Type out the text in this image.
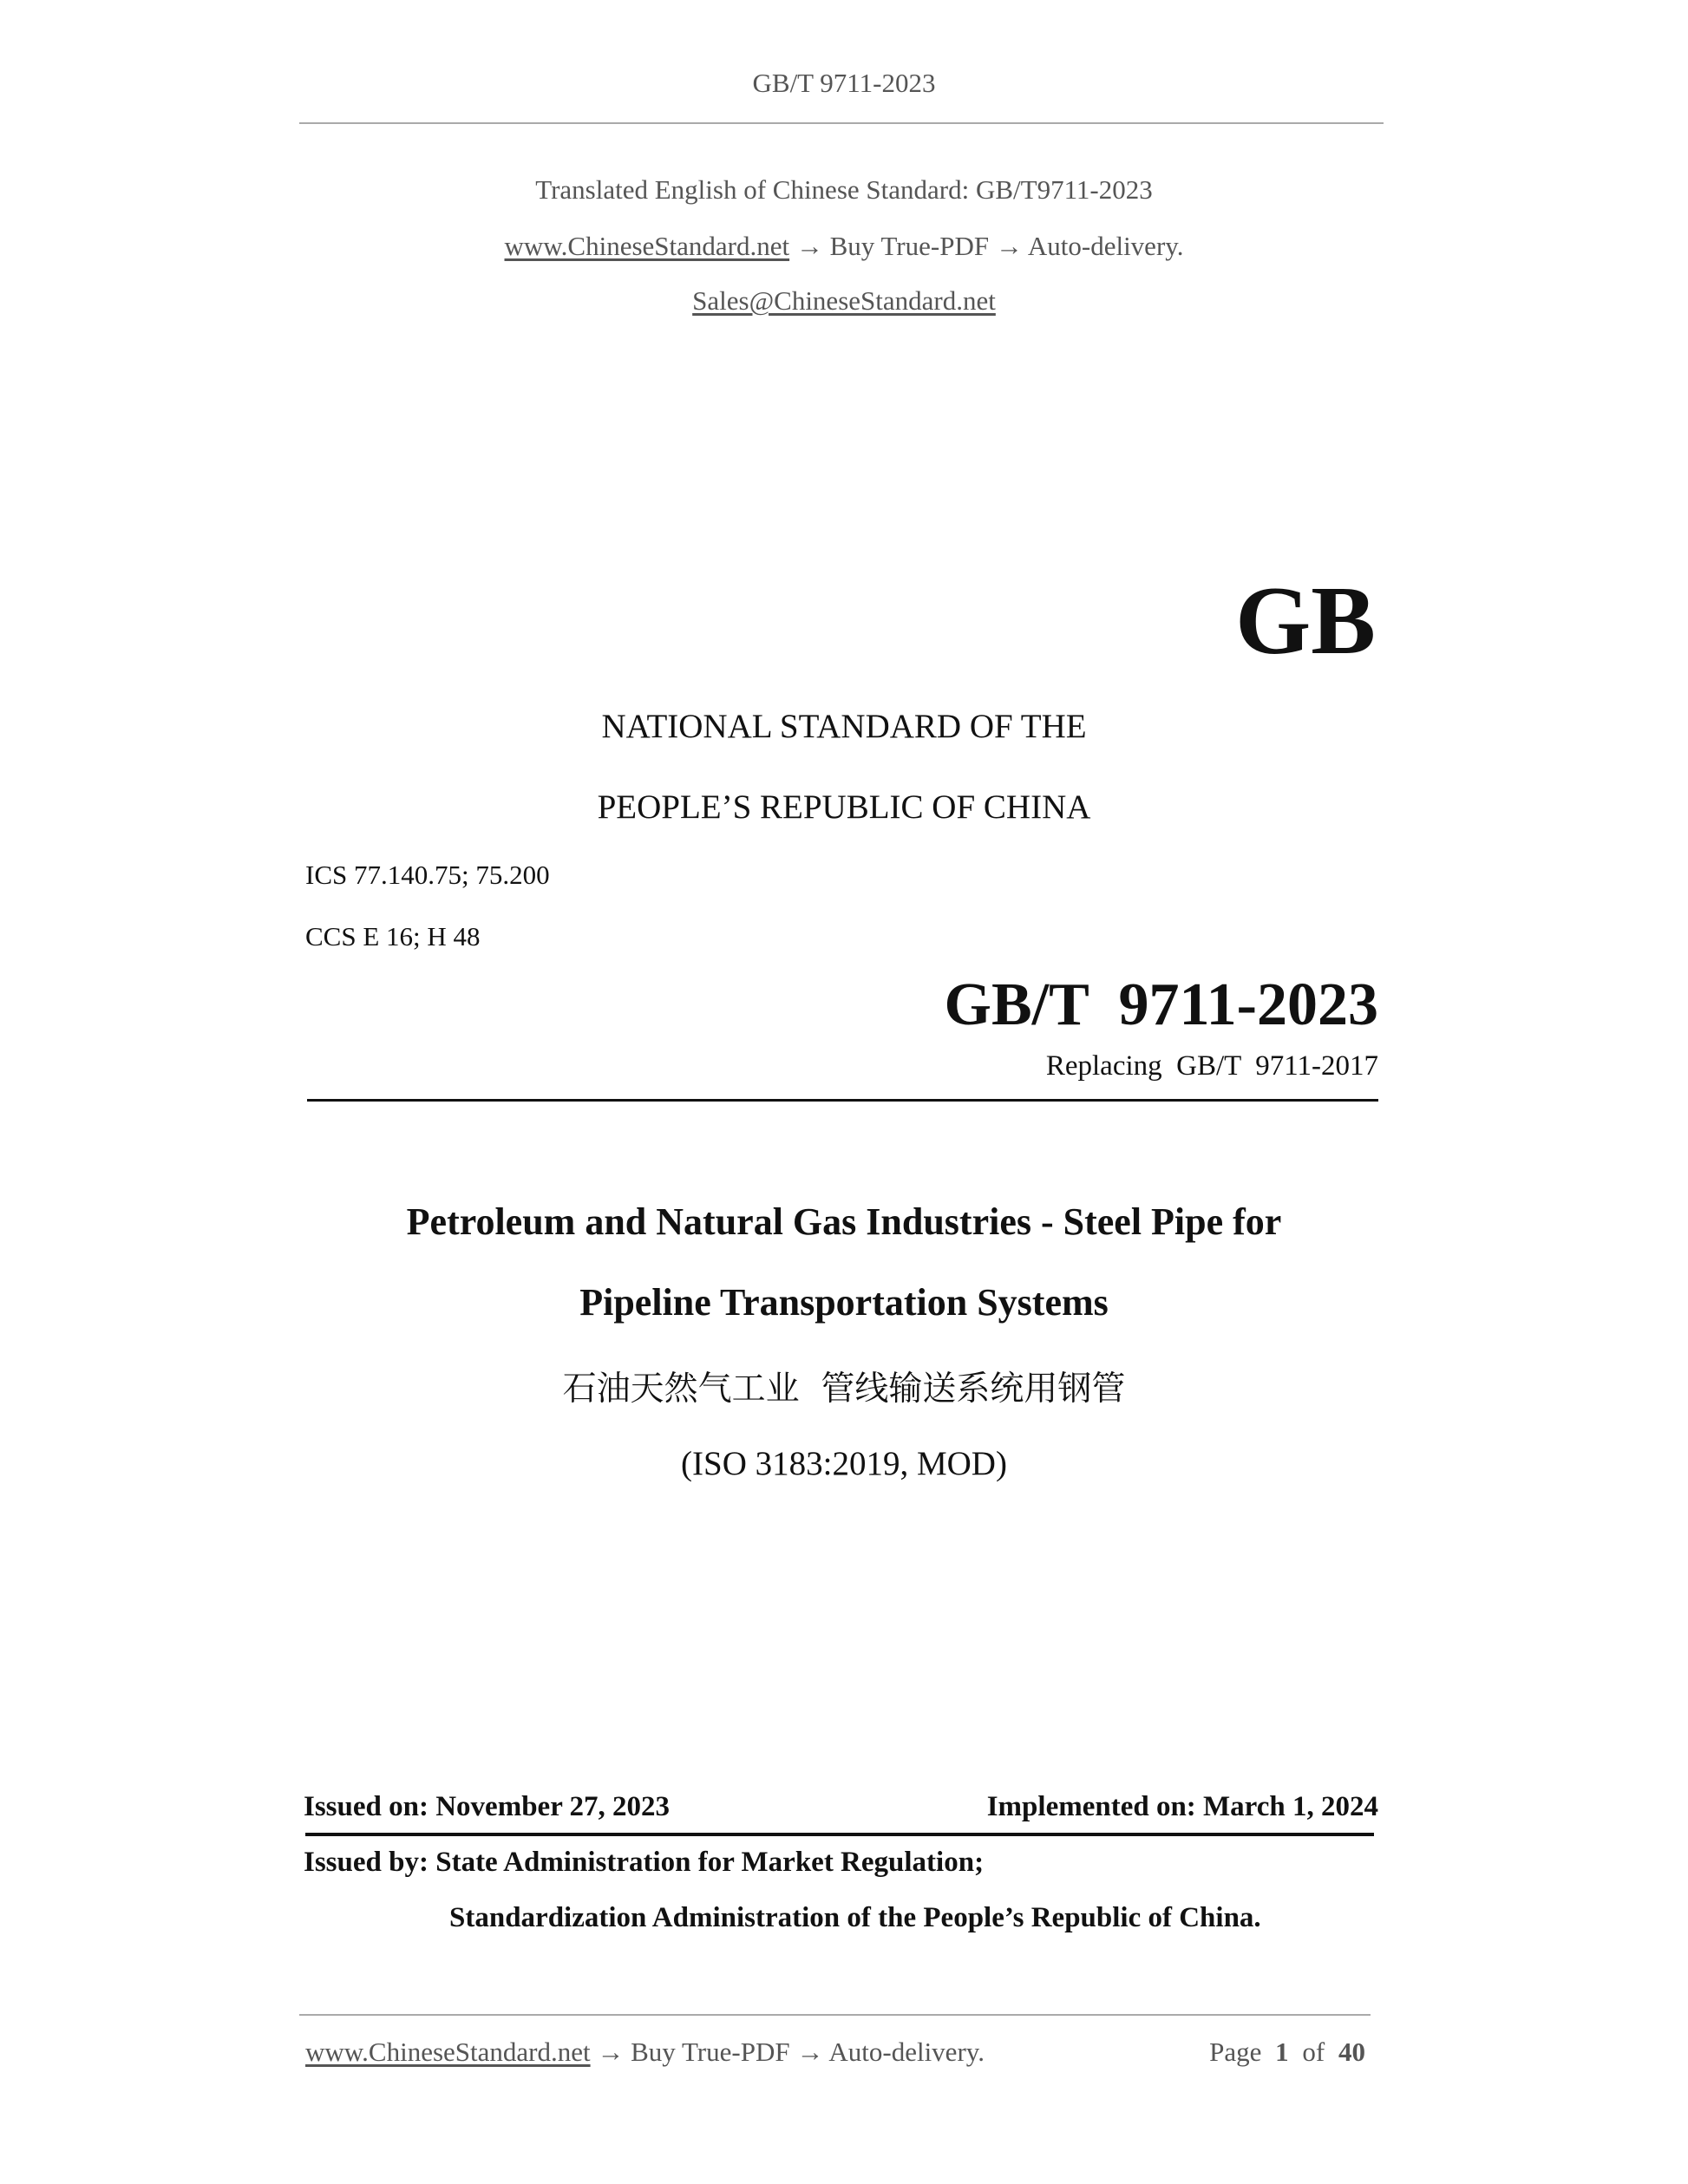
GB/T 9711-2023
Translated English of Chinese Standard: GB/T9711-2023
www.ChineseStandard.net → Buy True-PDF → Auto-delivery.
Sales@ChineseStandard.net
GB
NATIONAL STANDARD OF THE
PEOPLE’S REPUBLIC OF CHINA
ICS 77.140.75; 75.200
CCS E 16; H 48
GB/T  9711-2023
Replacing  GB/T  9711-2017
Petroleum and Natural Gas Industries - Steel Pipe for
Pipeline Transportation Systems
石油天然气工业  管线输送系统用钢管
(ISO 3183:2019, MOD)
Issued on: November 27, 2023	Implemented on: March 1, 2024
Issued by: State Administration for Market Regulation;
Standardization Administration of the People’s Republic of China.
www.ChineseStandard.net → Buy True-PDF → Auto-delivery.	Page 1 of 40
